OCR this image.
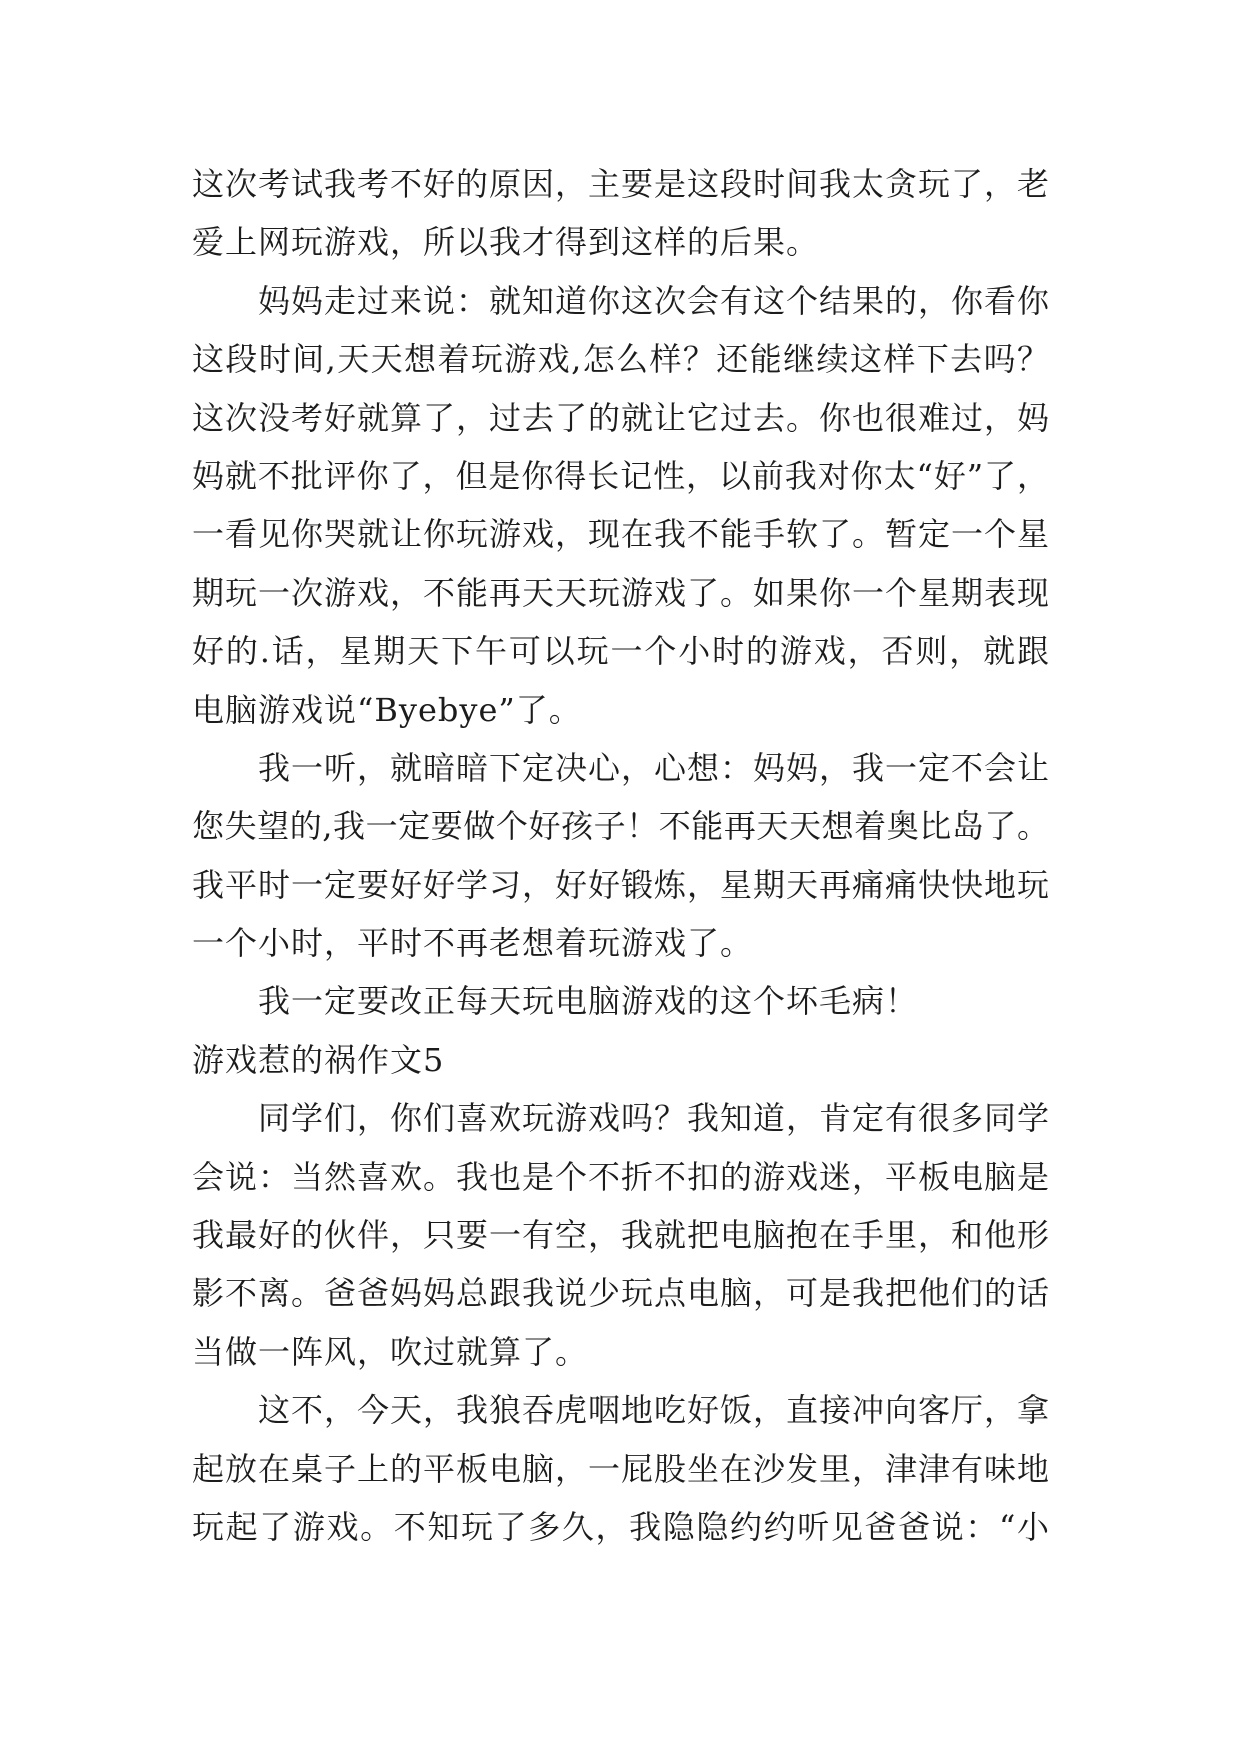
这次考试我考不好的原因，主要是这段时间我太贪玩了，老
爱上网玩游戏，所以我才得到这样的后果。
妈妈走过来说：就知道你这次会有这个结果的，你看你
这段时间,天天想着玩游戏,怎么样？还能继续这样下去吗？
这次没考好就算了，过去了的就让它过去。你也很难过，妈
妈就不批评你了，但是你得长记性，以前我对你太“好”了，
一看见你哭就让你玩游戏，现在我不能手软了。暂定一个星
期玩一次游戏，不能再天天玩游戏了。如果你一个星期表现
好的.话，星期天下午可以玩一个小时的游戏，否则，就跟
电脑游戏说“Byebye”了。
我一听，就暗暗下定决心，心想：妈妈，我一定不会让
您失望的,我一定要做个好孩子！不能再天天想着奥比岛了。
我平时一定要好好学习，好好锻炼，星期天再痛痛快快地玩
一个小时，平时不再老想着玩游戏了。
我一定要改正每天玩电脑游戏的这个坏毛病！
游戏惹的祸作文5
同学们，你们喜欢玩游戏吗？我知道，肯定有很多同学
会说：当然喜欢。我也是个不折不扣的游戏迷，平板电脑是
我最好的伙伴，只要一有空，我就把电脑抱在手里，和他形
影不离。爸爸妈妈总跟我说少玩点电脑，可是我把他们的话
当做一阵风，吹过就算了。
这不，今天，我狼吞虎咽地吃好饭，直接冲向客厅，拿
起放在桌子上的平板电脑，一屁股坐在沙发里，津津有味地
玩起了游戏。不知玩了多久，我隐隐约约听见爸爸说：“小
